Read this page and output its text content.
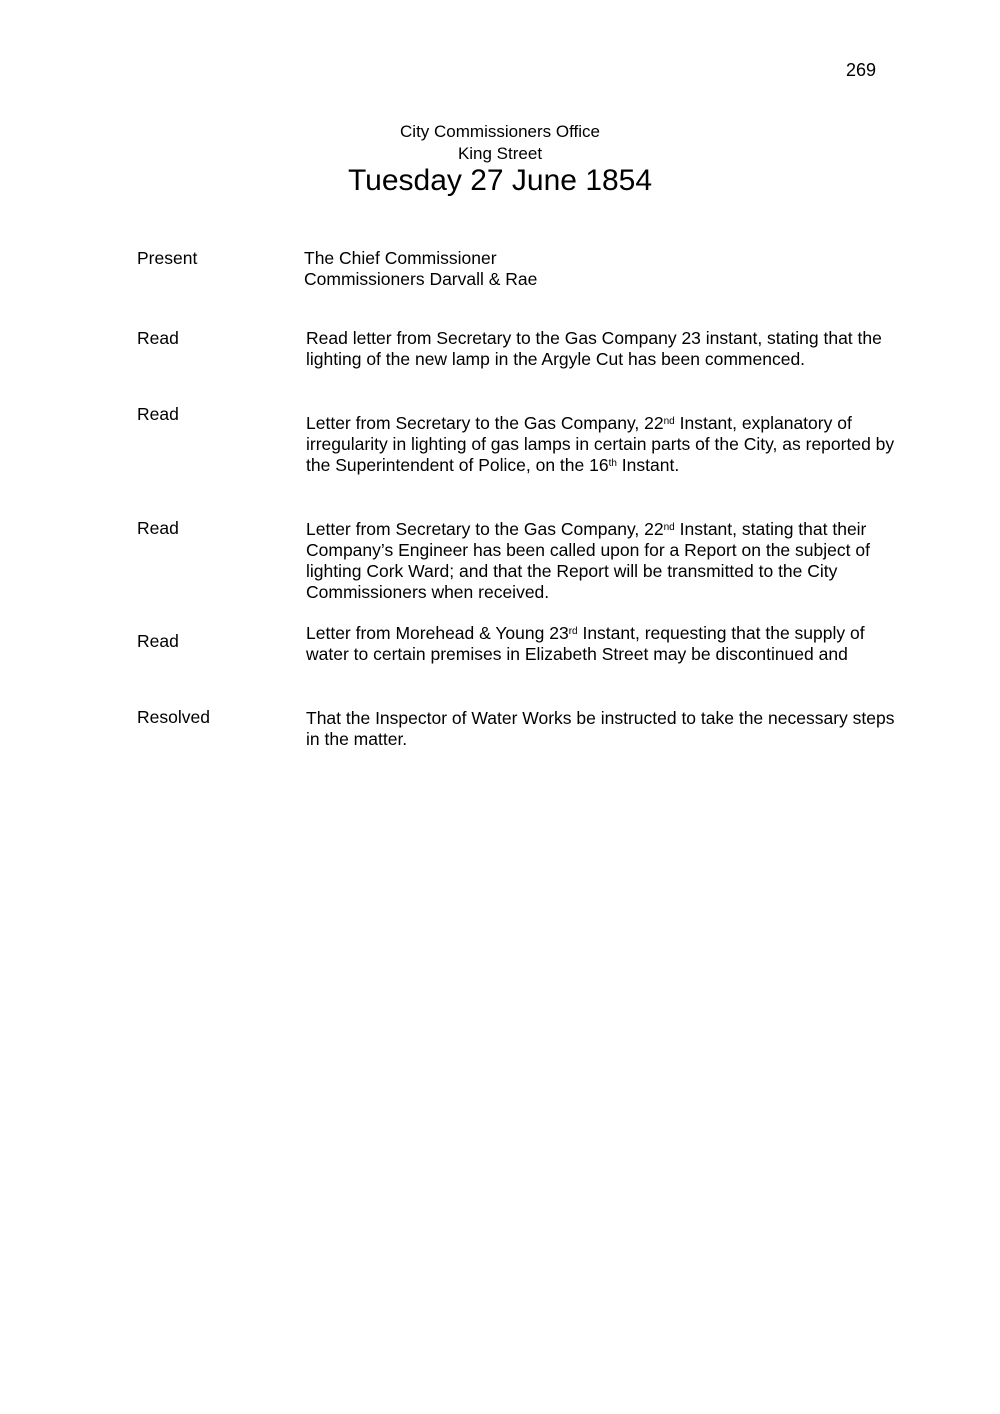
269
City Commissioners Office
King Street
Tuesday 27 June 1854
Present	The Chief Commissioner
Commissioners Darvall & Rae
Read	Read letter from Secretary to the Gas Company 23 instant, stating that the lighting of the new lamp in the Argyle Cut has been commenced.
Read	Letter from Secretary to the Gas Company, 22nd Instant, explanatory of irregularity in lighting of gas lamps in certain parts of the City, as reported by the Superintendent of Police, on the 16th Instant.
Read	Letter from Secretary to the Gas Company, 22nd Instant, stating that their Company’s Engineer has been called upon for a Report on the subject of lighting Cork Ward; and that the Report will be transmitted to the City Commissioners when received.
Read	Letter from Morehead & Young 23rd Instant, requesting that the supply of water to certain premises in Elizabeth Street may be discontinued and
Resolved	That the Inspector of Water Works be instructed to take the necessary steps in the matter.
